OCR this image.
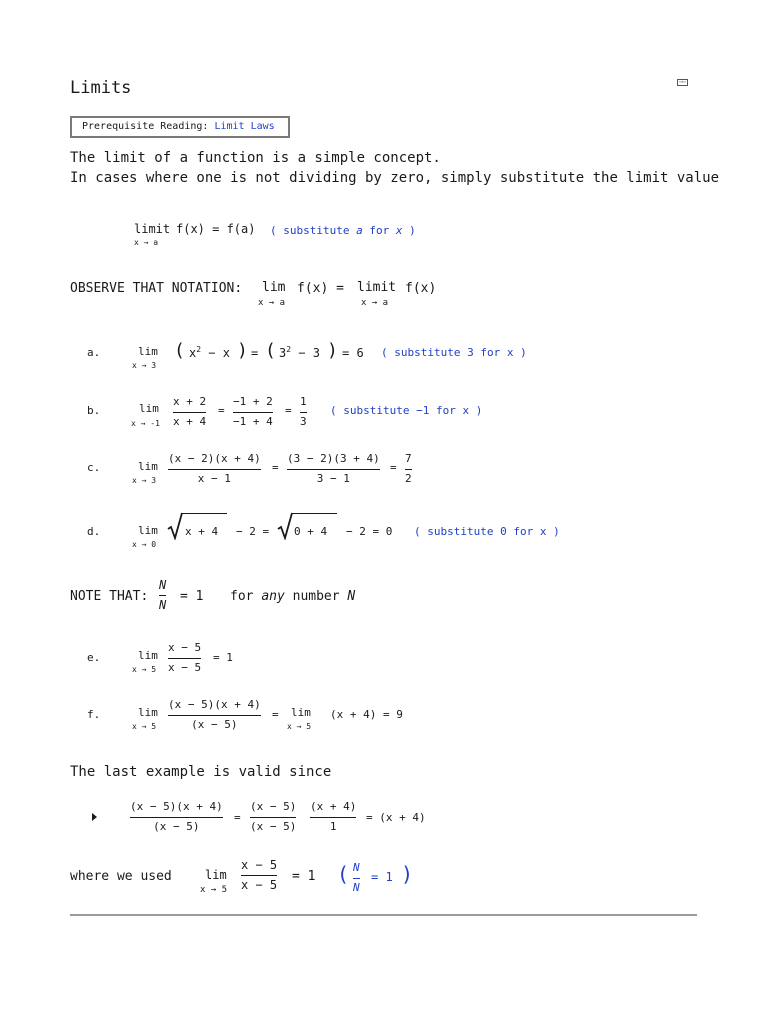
Limits	▭▭
Prerequisite Reading: Limit Laws
The limit of a function is a simple concept.
In cases where one is not dividing by zero, simply substitute the limit value
limit
x → a
f(x) = f(a) ( substitute a for x )
OBSERVE THAT NOTATION: lim
x → a
f(x) = limit
x → a
f(x)
a.	lim
x → 3
( $x^2 - x$ ) = ( $3^2 - 3$ ) = 6 ( substitute 3 for x )
b.	lim
x → -1
x + 2
x + 4
=
−1 + 2
−1 + 4
=
1
3
( substitute −1 for x )
c.	lim
x → 3
(x − 2)(x + 4)
x − 1
=
(3 − 2)(3 + 4)
3 − 1
=
7
2
d.	lim
x → 0
x + 4 − 2 = 0 + 4 − 2 = 0 ( substitute 0 for x )
NOTE THAT:
N
N
= 1 for any number N
e.	lim
x → 5
x − 5
x − 5
= 1
f.	lim
x → 5
(x − 5)(x + 4)
(x − 5)
= lim
x → 5
(x + 4) = 9
The last example is valid since
(x − 5)(x + 4)
(x − 5)
=
(x − 5)
(x − 5)
(x + 4)
1
= (x + 4)
where we used	lim
x → 5
x − 5
x − 5
= 1 ( N
N
= 1 )
